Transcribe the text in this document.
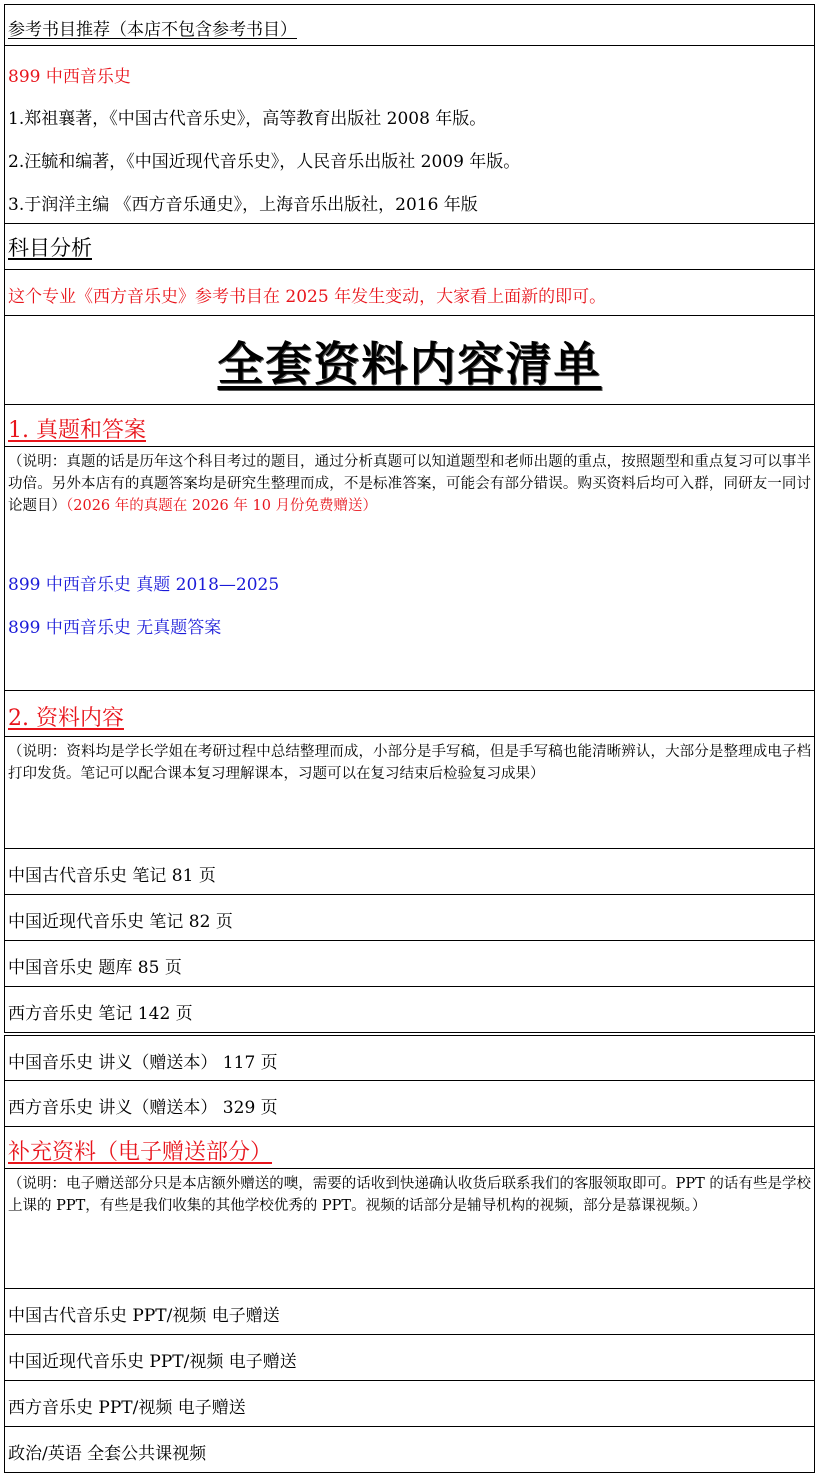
参考书目推荐（本店不包含参考书目）
899 中西音乐史
1.郑祖襄著，《中国古代音乐史》，高等教育出版社 2008 年版。
2.汪毓和编著，《中国近现代音乐史》，人民音乐出版社 2009 年版。
3.于润洋主编 《西方音乐通史》，上海音乐出版社，2016 年版
科目分析
这个专业《西方音乐史》参考书目在 2025 年发生变动，大家看上面新的即可。
全套资料内容清单
1. 真题和答案
（说明：真题的话是历年这个科目考过的题目，通过分析真题可以知道题型和老师出题的重点，按照题型和重点复习可以事半功倍。另外本店有的真题答案均是研究生整理而成，不是标准答案，可能会有部分错误。购买资料后均可入群，同研友一同讨论题目）（2026 年的真题在 2026 年 10 月份免费赠送）
899 中西音乐史 真题 2018—2025
899 中西音乐史 无真题答案
2. 资料内容
（说明：资料均是学长学姐在考研过程中总结整理而成，小部分是手写稿，但是手写稿也能清晰辨认，大部分是整理成电子档打印发货。笔记可以配合课本复习理解课本，习题可以在复习结束后检验复习成果）
中国古代音乐史 笔记 81 页
中国近现代音乐史 笔记 82 页
中国音乐史 题库 85 页
西方音乐史 笔记 142 页
中国音乐史 讲义（赠送本） 117 页
西方音乐史 讲义（赠送本） 329 页
补充资料（电子赠送部分）
（说明：电子赠送部分只是本店额外赠送的噢，需要的话收到快递确认收货后联系我们的客服领取即可。PPT 的话有些是学校上课的 PPT，有些是我们收集的其他学校优秀的 PPT。视频的话部分是辅导机构的视频，部分是慕课视频。）
中国古代音乐史 PPT/视频 电子赠送
中国近现代音乐史 PPT/视频 电子赠送
西方音乐史 PPT/视频 电子赠送
政治/英语 全套公共课视频
